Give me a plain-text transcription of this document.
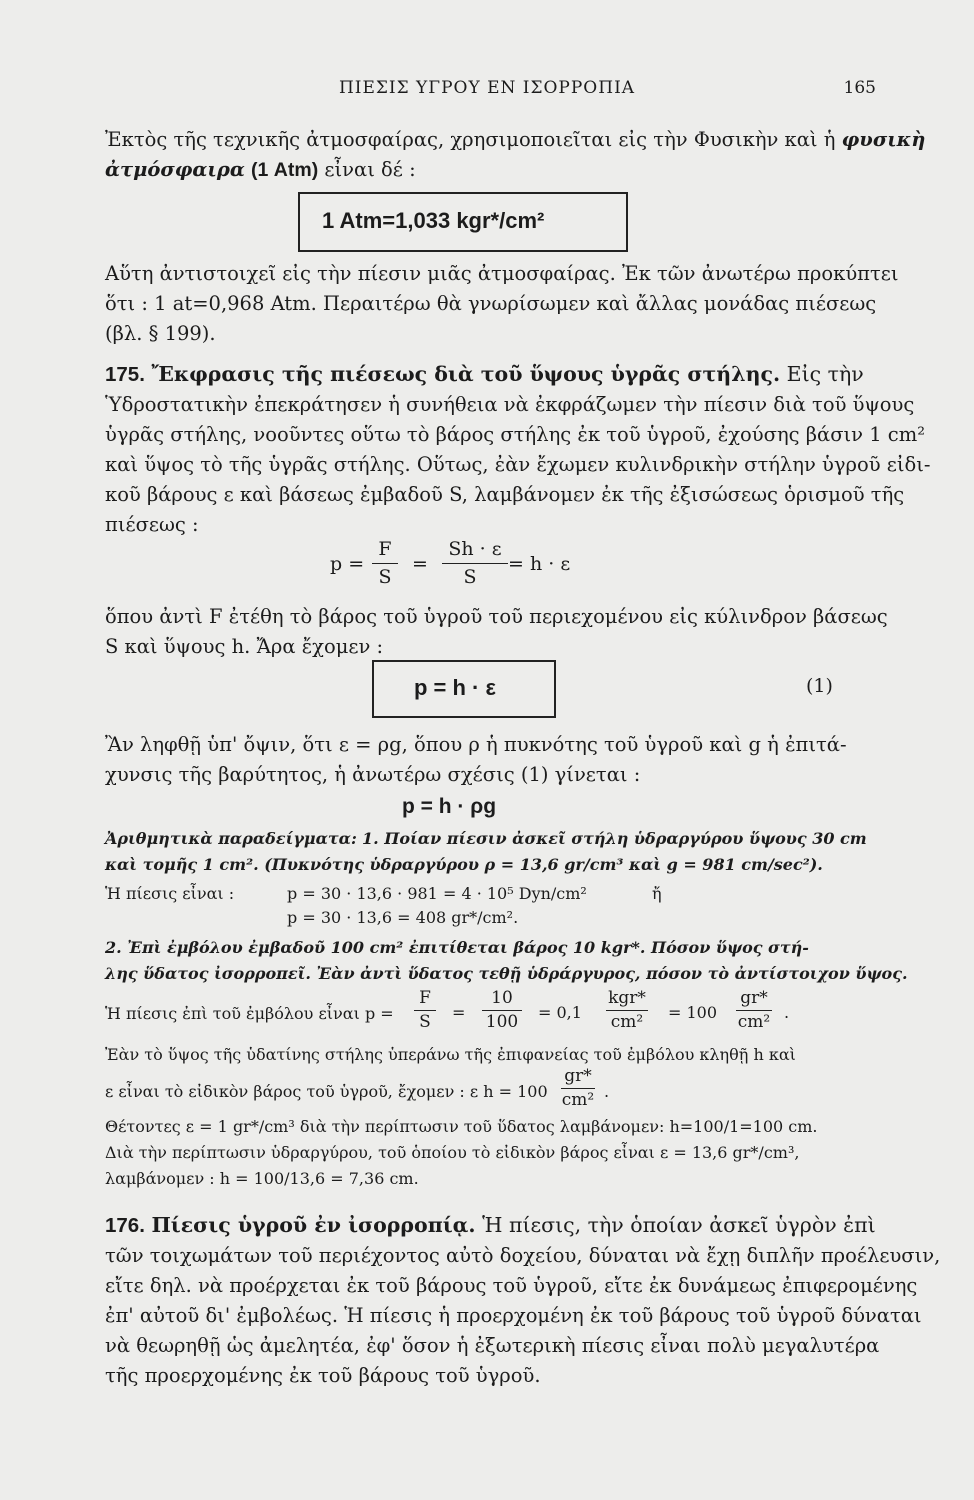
ΠΙΕΣΙΣ ΥΓΡΟΥ ΕΝ ΙΣΟΡΡΟΠΙΑ	165
Ἐκτὸς τῆς τεχνικῆς ἀτμοσφαίρας, χρησιμοποιεῖται εἰς τὴν Φυσικὴν καὶ ἡ φυσικὴ
ἀτμόσφαιρα (1 Atm) εἶναι δέ :
1 Atm=1,033 kgr*/cm²
Αὕτη ἀντιστοιχεῖ εἰς τὴν πίεσιν μιᾶς ἀτμοσφαίρας. Ἐκ τῶν ἀνωτέρω προκύπτει
ὅτι : 1 at=0,968 Atm. Περαιτέρω θὰ γνωρίσωμεν καὶ ἄλλας μονάδας πιέσεως
(βλ. § 199).
175. Ἔκφρασις τῆς πιέσεως διὰ τοῦ ὕψους ὑγρᾶς στήλης. Εἰς τὴν
Ὑδροστατικὴν ἐπεκράτησεν ἡ συνήθεια νὰ ἐκφράζωμεν τὴν πίεσιν διὰ τοῦ ὕψους
ὑγρᾶς στήλης, νοοῦντες οὕτω τὸ βάρος στήλης ἐκ τοῦ ὑγροῦ, ἐχούσης βάσιν 1 cm²
καὶ ὕψος τὸ τῆς ὑγρᾶς στήλης. Οὕτως, ἐὰν ἔχωμεν κυλινδρικὴν στήλην ὑγροῦ εἰδι-
κοῦ βάρους ε καὶ βάσεως ἐμβαδοῦ S, λαμβάνομεν ἐκ τῆς ἐξισώσεως ὁρισμοῦ τῆς
πιέσεως :
p =
F
S
=
Sh · ε
S
= h · ε
ὅπου ἀντὶ F ἐτέθη τὸ βάρος τοῦ ὑγροῦ τοῦ περιεχομένου εἰς κύλινδρον βάσεως
S καὶ ὕψους h. Ἄρα ἔχομεν :
p = h · ε	(1)
Ἂν ληφθῇ ὑπ' ὄψιν, ὅτι ε = ρg, ὅπου ρ ἡ πυκνότης τοῦ ὑγροῦ καὶ g ἡ ἐπιτά-
χυνσις τῆς βαρύτητος, ἡ ἀνωτέρω σχέσις (1) γίνεται :
p = h · ρg
Ἀριθμητικὰ παραδείγματα: 1. Ποίαν πίεσιν ἀσκεῖ στήλη ὑδραργύρου ὕψους 30 cm
καὶ τομῆς 1 cm². (Πυκνότης ὑδραργύρου ρ = 13,6 gr/cm³ καὶ g = 981 cm/sec²).
Ἡ πίεσις εἶναι :	p = 30 · 13,6 · 981 = 4 · 10⁵ Dyn/cm²	ἤ
p = 30 · 13,6 = 408 gr*/cm².
2. Ἐπὶ ἐμβόλου ἐμβαδοῦ 100 cm² ἐπιτίθεται βάρος 10 kgr*. Πόσον ὕψος στή-
λης ὕδατος ἰσορροπεῖ. Ἐὰν ἀντὶ ὕδατος τεθῇ ὑδράργυρος, πόσον τὸ ἀντίστοιχον ὕψος.
Ἡ πίεσις ἐπὶ τοῦ ἐμβόλου εἶναι p =
F
S	=
10
100	= 0,1
kgr*
cm²	= 100
gr*
cm² .
Ἐὰν τὸ ὕψος τῆς ὑδατίνης στήλης ὑπεράνω τῆς ἐπιφανείας τοῦ ἐμβόλου κληθῇ h καὶ
ε εἶναι τὸ εἰδικὸν βάρος τοῦ ὑγροῦ, ἔχομεν : ε h = 100
gr*
cm² .
Θέτοντες ε = 1 gr*/cm³ διὰ τὴν περίπτωσιν τοῦ ὕδατος λαμβάνομεν: h=100/1=100 cm.
Διὰ τὴν περίπτωσιν ὑδραργύρου, τοῦ ὁποίου τὸ εἰδικὸν βάρος εἶναι ε = 13,6 gr*/cm³,
λαμβάνομεν : h = 100/13,6 = 7,36 cm.
176. Πίεσις ὑγροῦ ἐν ἰσορροπίᾳ. Ἡ πίεσις, τὴν ὁποίαν ἀσκεῖ ὑγρὸν ἐπὶ
τῶν τοιχωμάτων τοῦ περιέχοντος αὐτὸ δοχείου, δύναται νὰ ἔχῃ διπλῆν προέλευσιν,
εἴτε δηλ. νὰ προέρχεται ἐκ τοῦ βάρους τοῦ ὑγροῦ, εἴτε ἐκ δυνάμεως ἐπιφερομένης
ἐπ' αὐτοῦ δι' ἐμβολέως. Ἡ πίεσις ἡ προερχομένη ἐκ τοῦ βάρους τοῦ ὑγροῦ δύναται
νὰ θεωρηθῇ ὡς ἀμελητέα, ἐφ' ὅσον ἡ ἐξωτερικὴ πίεσις εἶναι πολὺ μεγαλυτέρα
τῆς προερχομένης ἐκ τοῦ βάρους τοῦ ὑγροῦ.
